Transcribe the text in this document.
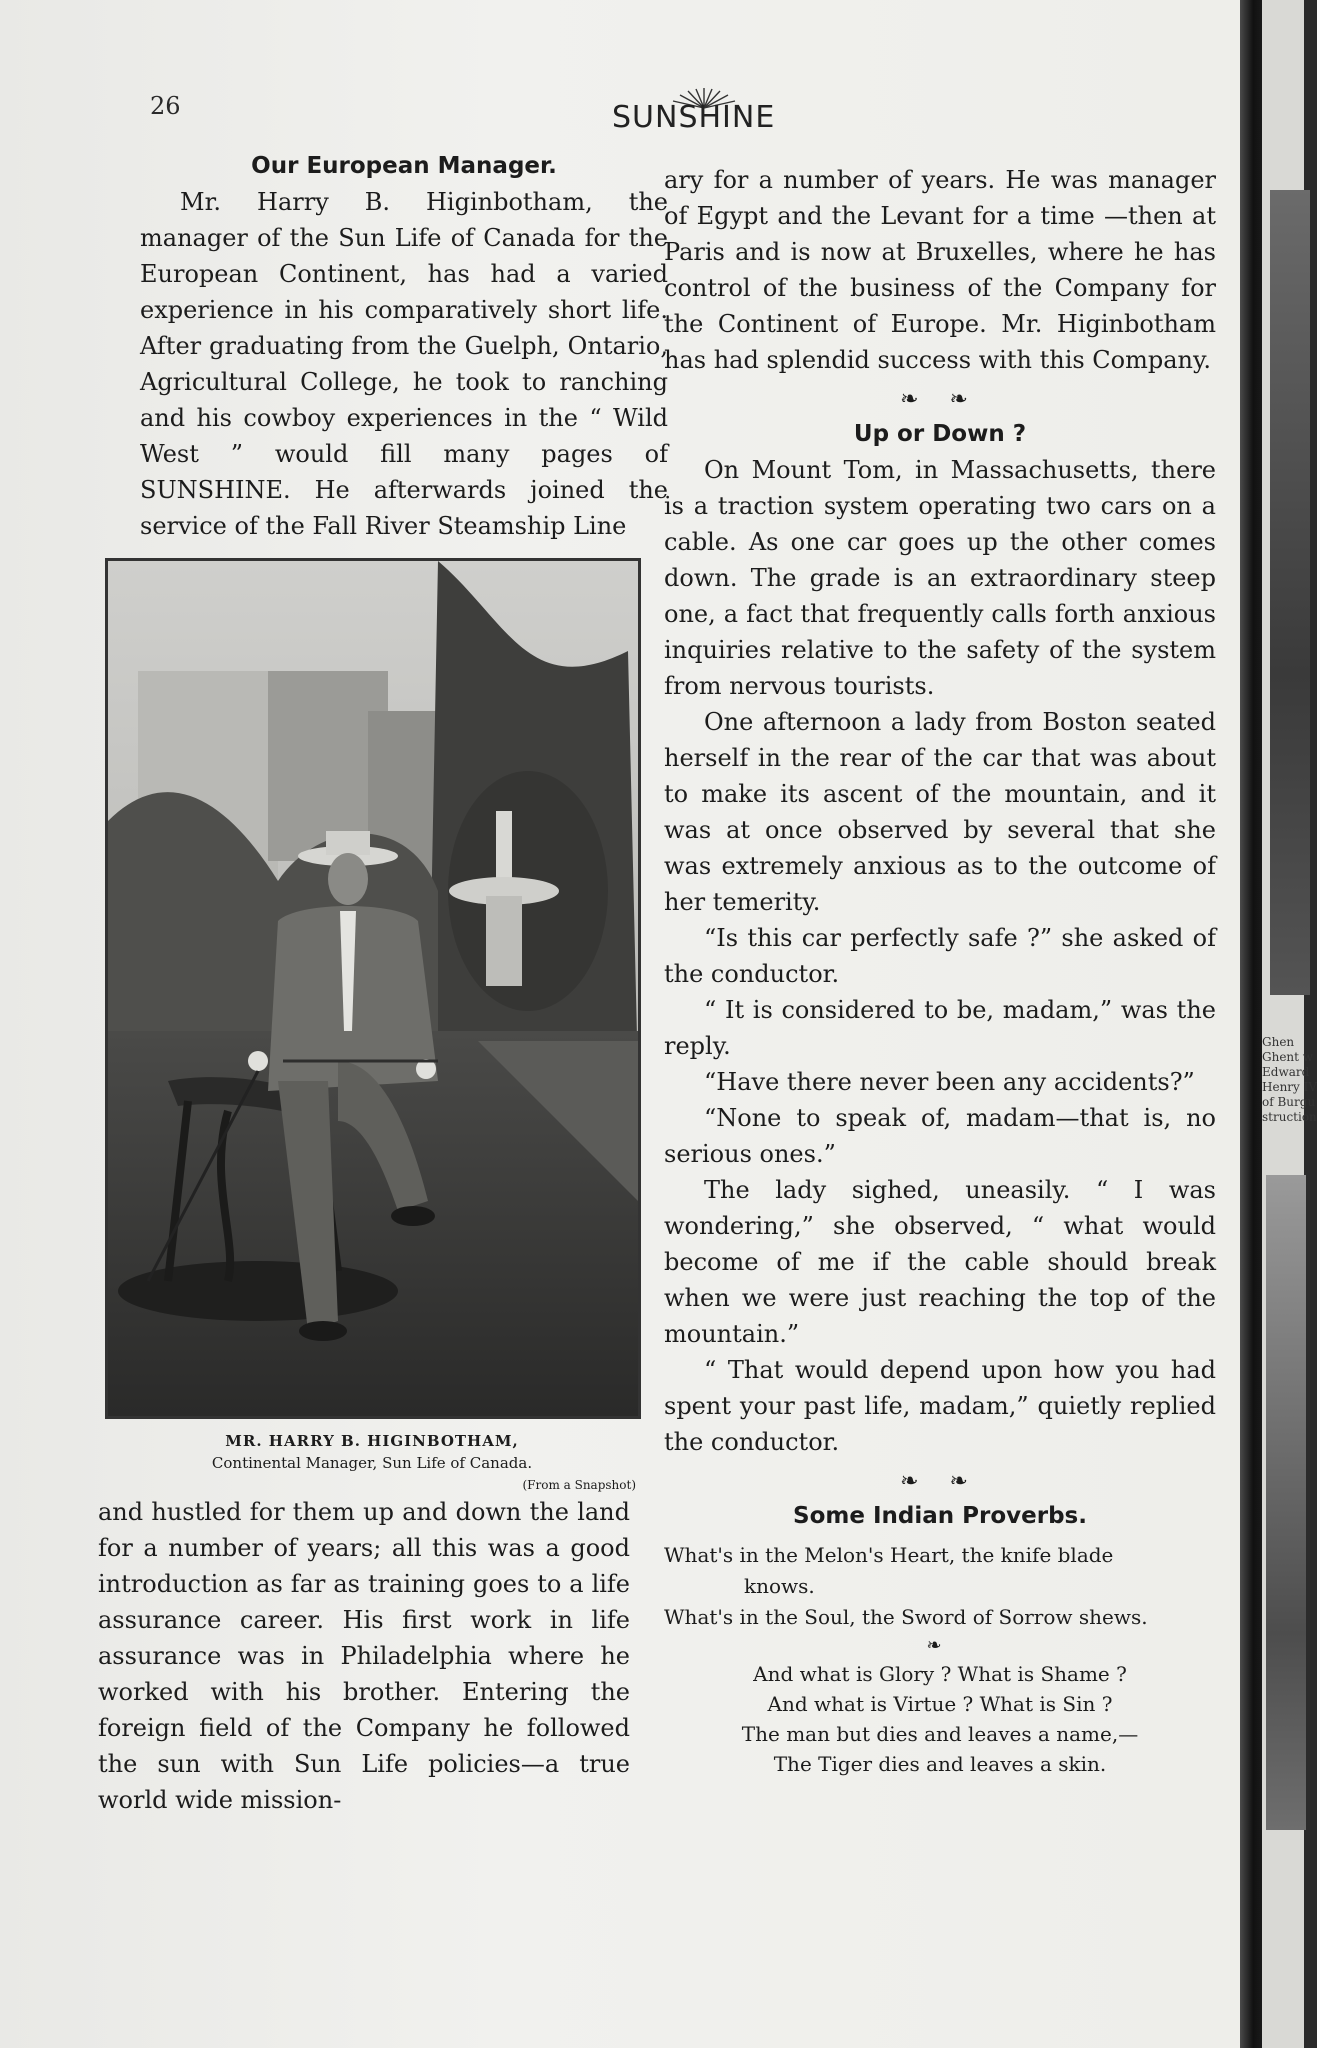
26	SUNSHINE
Our European Manager.

Mr. Harry B. Higinbotham, the manager of the Sun Life of Canada for the European Continent, has had a varied experience in his comparatively short life. After graduating from the Guelph, Ontario, Agricultural College, he took to ranching and his cowboy experiences in the “ Wild West ” would fill many pages of SUNSHINE. He afterwards joined the service of the Fall River Steamship Line

MR. HARRY B. HIGINBOTHAM,
Continental Manager, Sun Life of Canada.
(From a Snapshot)

and hustled for them up and down the land for a number of years; all this was a good introduction as far as training goes to a life assurance career. His first work in life assurance was in Philadelphia where he worked with his brother. Entering the foreign field of the Company he followed the sun with Sun Life policies—a true world wide mission-

ary for a number of years. He was manager of Egypt and the Levant for a time —then at Paris and is now at Bruxelles, where he has control of the business of the Company for the Continent of Europe. Mr. Higinbotham has had splendid success with this Company.

❧ ❧
Up or Down ?

On Mount Tom, in Massachusetts, there is a traction system operating two cars on a cable. As one car goes up the other comes down. The grade is an extraordinary steep one, a fact that frequently calls forth anxious inquiries relative to the safety of the system from nervous tourists.

One afternoon a lady from Boston seated herself in the rear of the car that was about to make its ascent of the mountain, and it was at once observed by several that she was extremely anxious as to the outcome of her temerity.

“Is this car perfectly safe ?” she asked of the conductor.

“ It is considered to be, madam,” was the reply.

“Have there never been any accidents?”

“None to speak of, madam—that is, no serious ones.”

The lady sighed, uneasily. “ I was wondering,” she observed, “ what would become of me if the cable should break when we were just reaching the top of the mountain.”

“ That would depend upon how you had spent your past life, madam,” quietly replied the conductor.

❧ ❧
Some Indian Proverbs.

What's in the Melon's Heart, the knife blade

knows.

What's in the Soul, the Sword of Sorrow shews.

❧

And what is Glory ? What is Shame ?

And what is Virtue ? What is Sin ?

The man but dies and leaves a name,—

The Tiger dies and leaves a skin.

Ghen
Ghent w
Edward
Henry IV
of Burgu
struction
